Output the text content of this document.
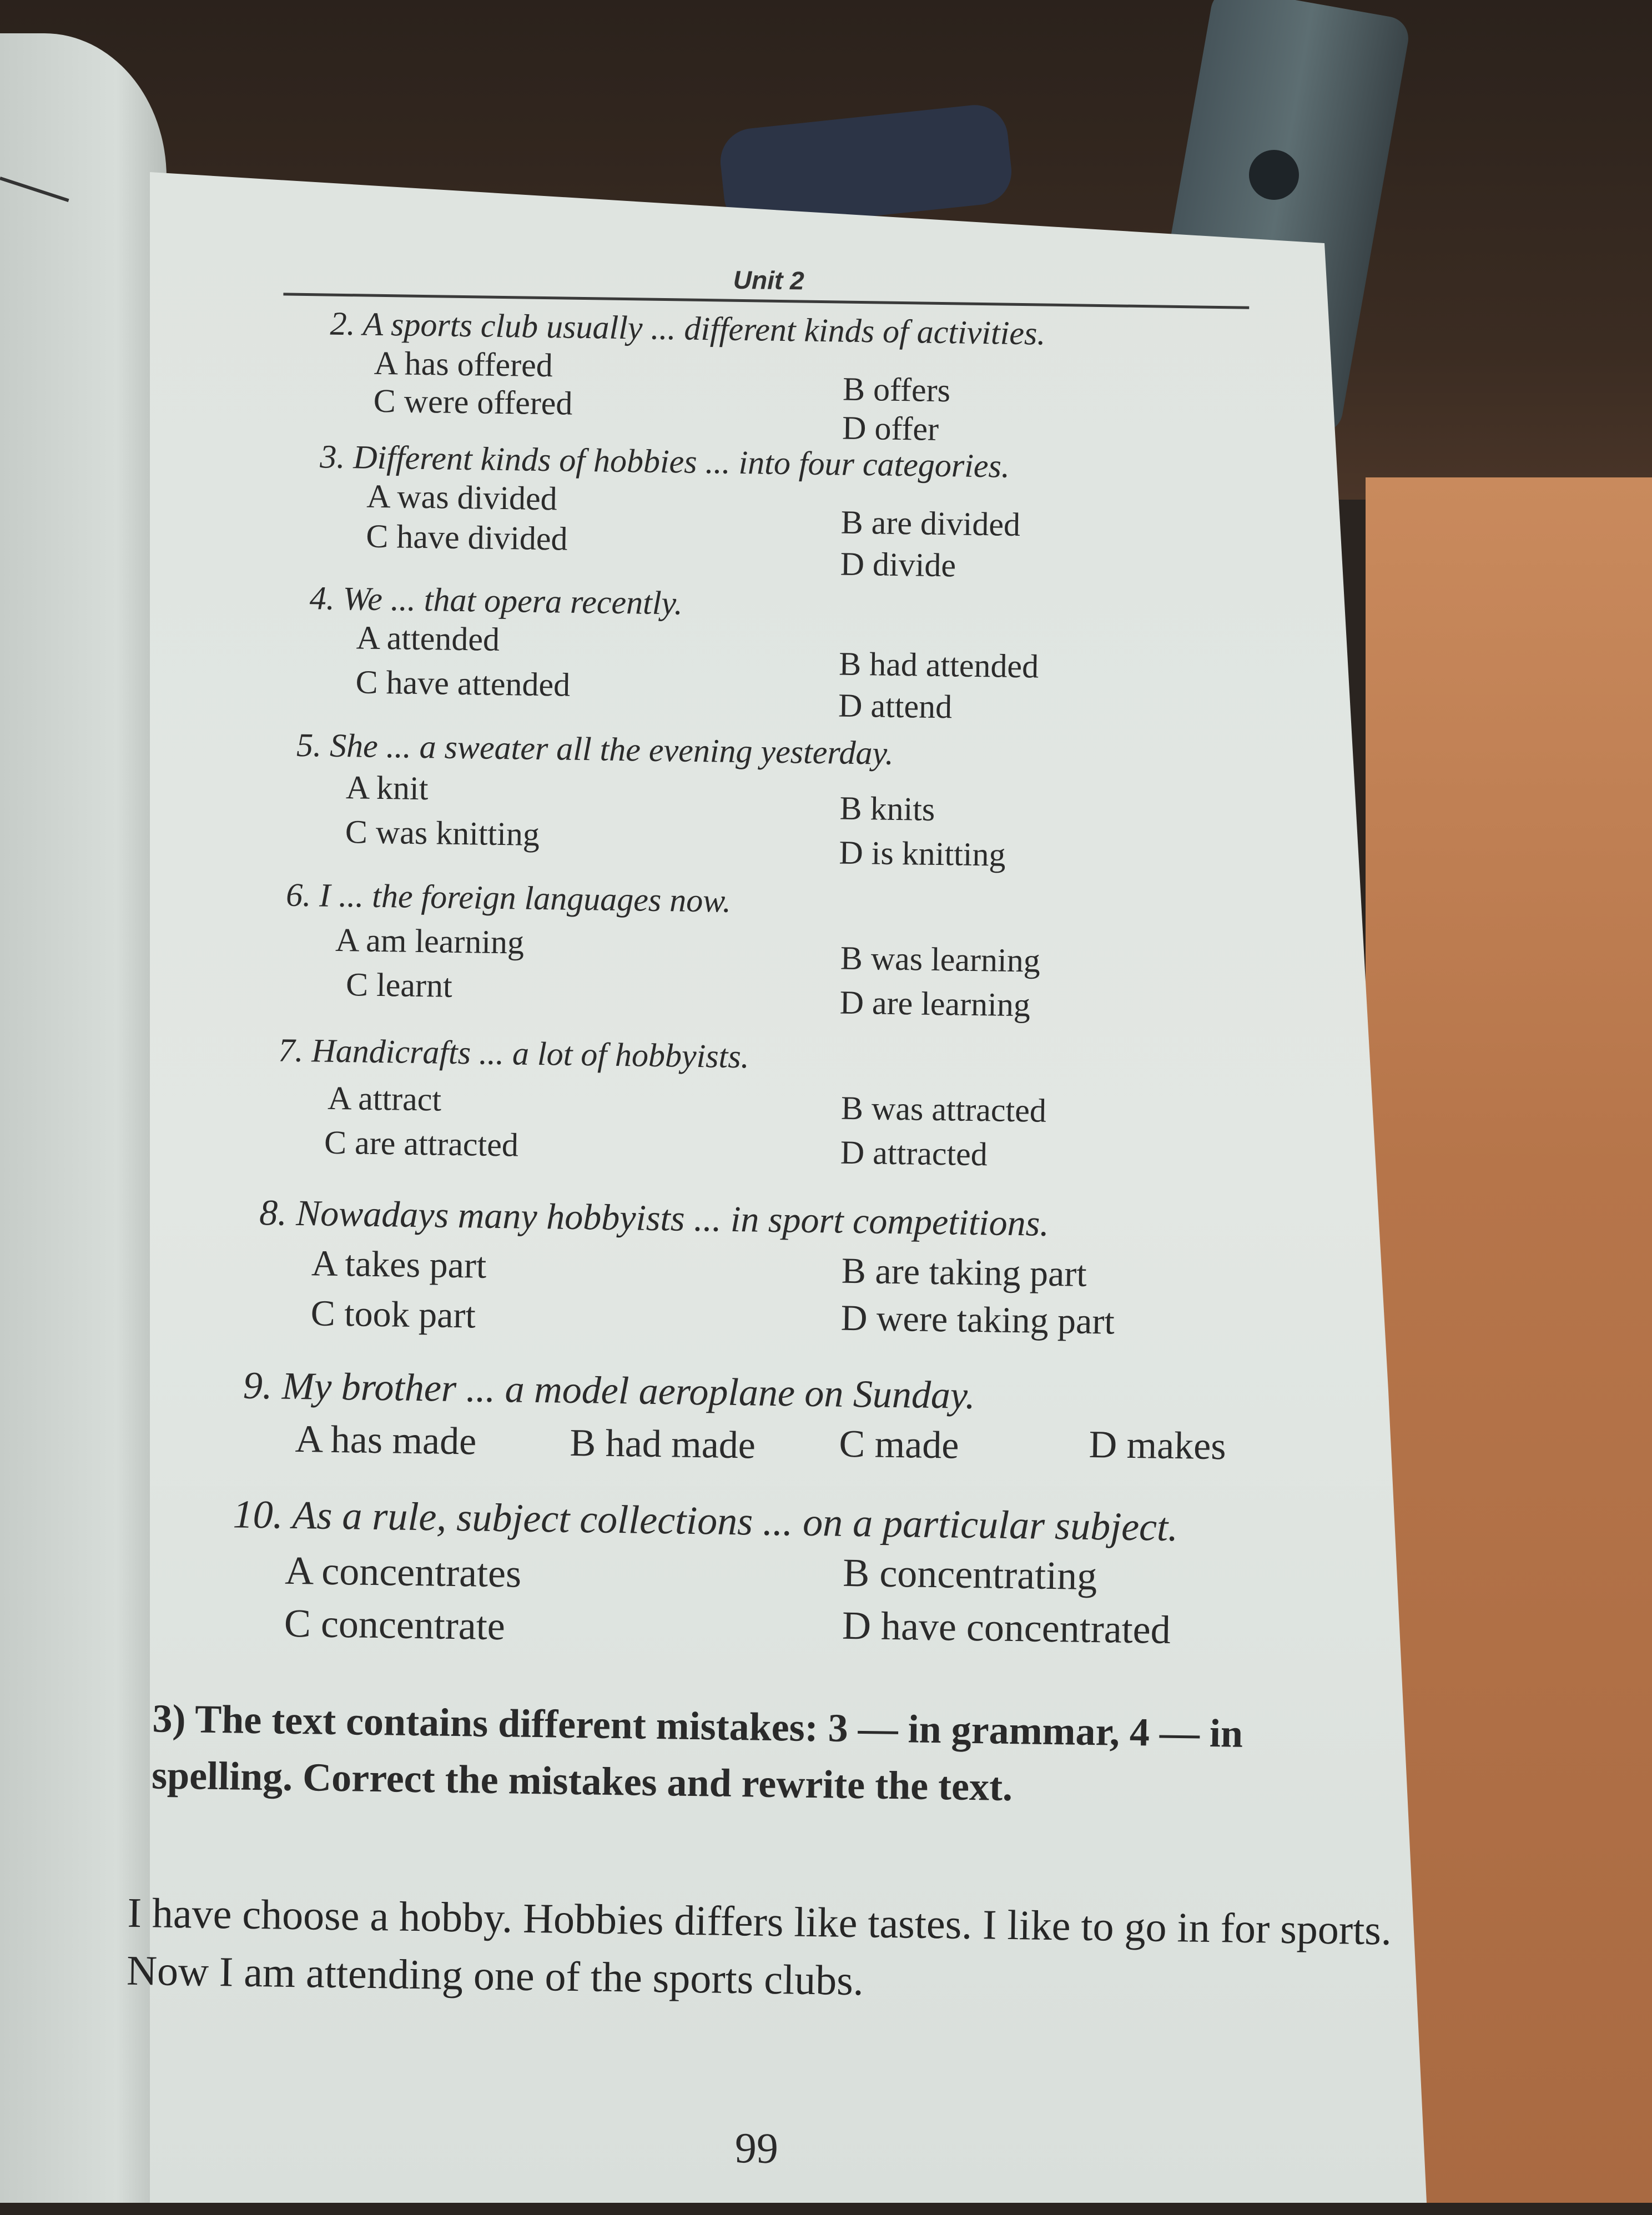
Unit 2
2. A sports club usually ... different kinds of activities.
A has offered
B offers
C were offered
D offer
3. Different kinds of hobbies ... into four categories.
A was divided
B are divided
C have divided
D divide
4. We ... that opera recently.
A attended
B had attended
C have attended
D attend
5. She ... a sweater all the evening yesterday.
A knit
B knits
C was knitting
D is knitting
6. I ... the foreign languages now.
A am learning	B was learning
C learnt	D are learning
7. Handicrafts ... a lot of hobbyists.
A attract	B was attracted
C are attracted	D attracted
8. Nowadays many hobbyists ... in sport competitions.
A takes part	B are taking part
C took part	D were taking part
9. My brother ... a model aeroplane on Sunday.
A has made B had made C made	D makes
10. As a rule, subject collections ... on a particular subject.
A concentrates	B concentrating
C concentrate	D have concentrated
3) The text contains different mistakes: 3 — in grammar, 4 — in spelling. Correct the mistakes and rewrite the text.
I have choose a hobby. Hobbies differs like tastes. I like to go in for sports. Now I am attending one of the sports clubs.
99
